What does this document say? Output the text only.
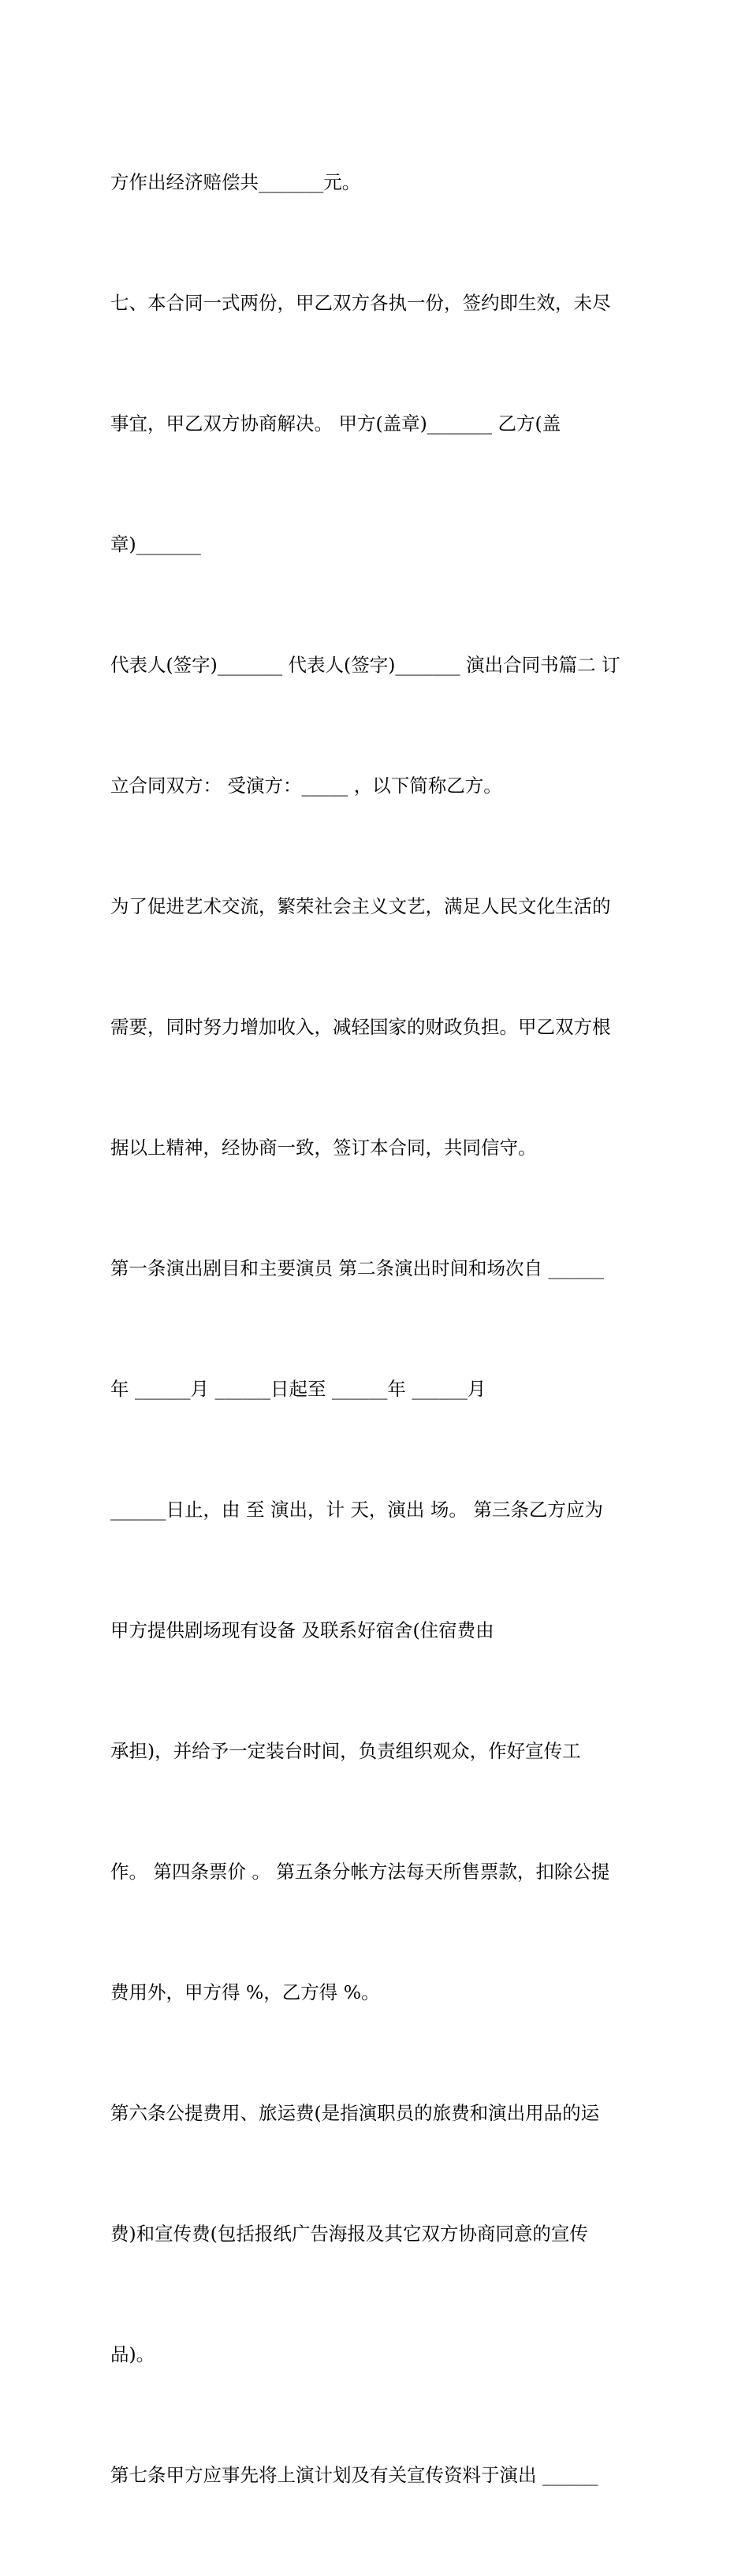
方作出经济赔偿共_______元。

七、本合同一式两份，甲乙双方各执一份，签约即生效，未尽

事宜，甲乙双方协商解决。 甲方(盖章)_______ 乙方(盖

章)_______

代表人(签字)_______ 代表人(签字)_______ 演出合同书篇二 订

立合同双方： 受演方：_____ ，以下简称乙方。

为了促进艺术交流，繁荣社会主义文艺，满足人民文化生活的

需要，同时努力增加收入，减轻国家的财政负担。甲乙双方根

据以上精神，经协商一致，签订本合同，共同信守。

第一条演出剧目和主要演员 第二条演出时间和场次自 ______

年 ______月 ______日起至 ______年 ______月

______日止，由 至 演出，计 天，演出 场。 第三条乙方应为

甲方提供剧场现有设备 及联系好宿舍(住宿费由

承担)，并给予一定装台时间，负责组织观众，作好宣传工

作。 第四条票价 。 第五条分帐方法每天所售票款，扣除公提

费用外，甲方得 %，乙方得 %。

第六条公提费用、旅运费(是指演职员的旅费和演出用品的运

费)和宣传费(包括报纸广告海报及其它双方协商同意的宣传

品)。

第七条甲方应事先将上演计划及有关宣传资料于演出 ______
